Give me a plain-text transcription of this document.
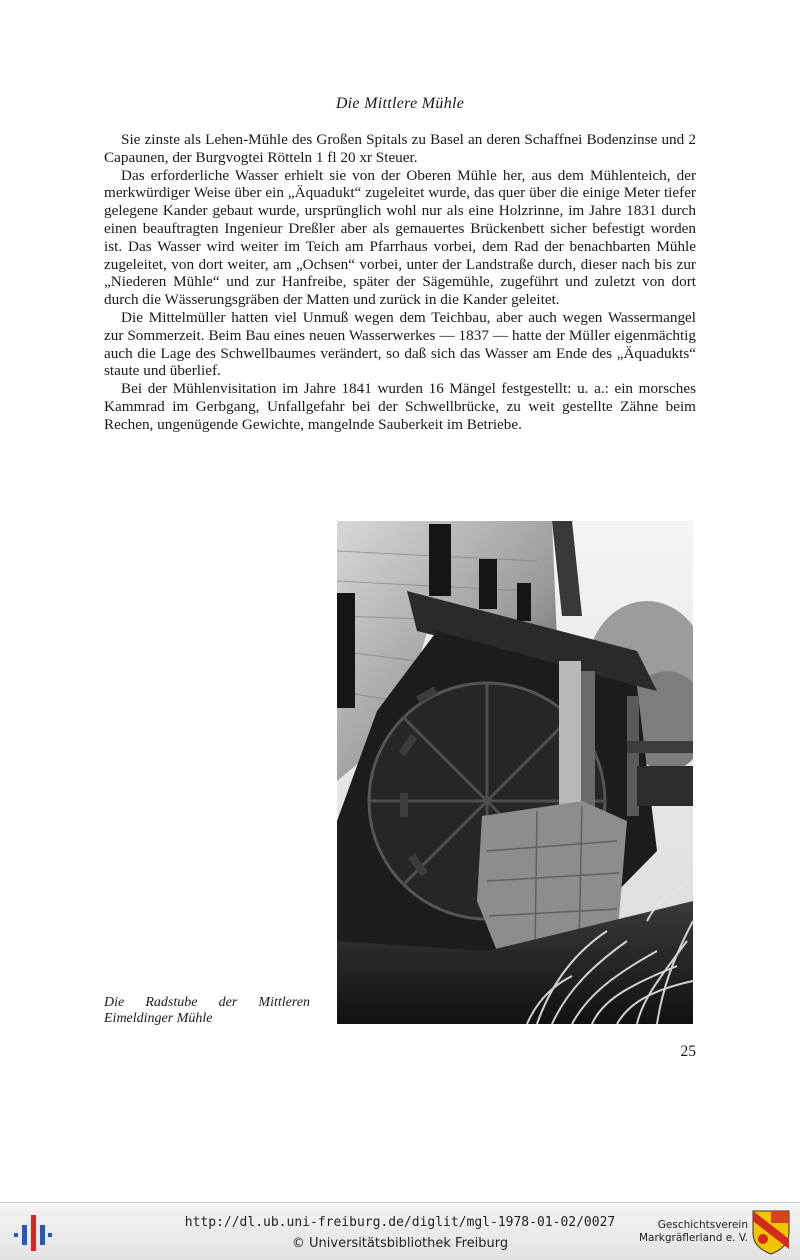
Die Mittlere Mühle

Sie zinste als Lehen-Mühle des Großen Spitals zu Basel an deren Schaffnei Bodenzinse und 2 Capaunen, der Burgvogtei Rötteln 1 fl 20 xr Steuer.

Das erforderliche Wasser erhielt sie von der Oberen Mühle her, aus dem Mühlenteich, der merkwürdiger Weise über ein „Äquadukt“ zugeleitet wurde, das quer über die einige Meter tiefer gelegene Kander gebaut wurde, ursprünglich wohl nur als eine Holzrinne, im Jahre 1831 durch einen beauftragten Ingenieur Dreßler aber als gemauertes Brückenbett sicher befestigt worden ist. Das Wasser wird weiter im Teich am Pfarrhaus vorbei, dem Rad der benachbarten Mühle zugeleitet, von dort weiter, am „Ochsen“ vorbei, unter der Landstraße durch, dieser nach bis zur „Niederen Mühle“ und zur Hanfreibe, später der Sägemühle, zugeführt und zuletzt von dort durch die Wässerungsgräben der Matten und zurück in die Kander geleitet.

Die Mittelmüller hatten viel Unmuß wegen dem Teichbau, aber auch wegen Wassermangel zur Sommerzeit. Beim Bau eines neuen Wasserwerkes — 1837 — hatte der Müller eigenmächtig auch die Lage des Schwellbaumes verändert, so daß sich das Wasser am Ende des „Äquadukts“ staute und überlief.

Bei der Mühlenvisitation im Jahre 1841 wurden 16 Mängel festgestellt: u. a.: ein morsches Kammrad im Gerbgang, Unfallgefahr bei der Schwellbrücke, zu weit gestellte Zähne beim Rechen, ungenügende Gewichte, mangelnde Sauberkeit im Betriebe.

Die Radstube der Mittleren
Eimeldinger Mühle
25
http://dl.ub.uni-freiburg.de/diglit/mgl-1978-01-02/0027
© Universitätsbibliothek Freiburg
Geschichtsverein
Markgräflerland e. V.
